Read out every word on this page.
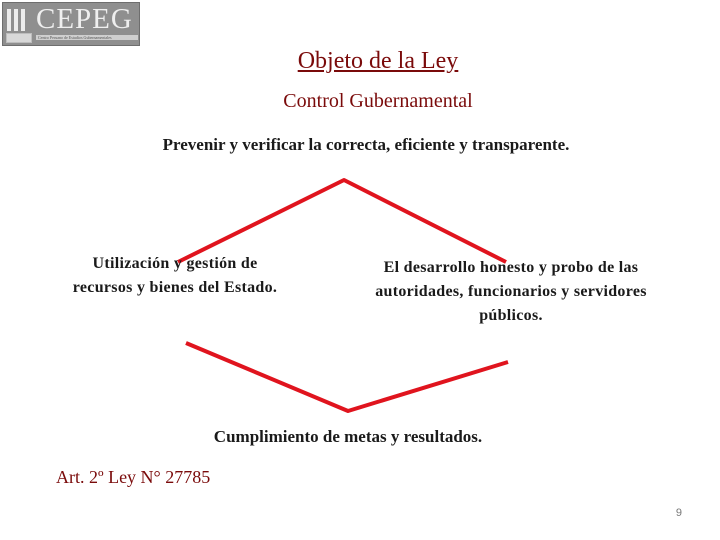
CEPEG
Centro Peruano de Estudios Gubernamentales
Objeto de la Ley
Control Gubernamental
Prevenir y verificar la correcta, eficiente y transparente.
Utilización y gestión de recursos y bienes del Estado.
El desarrollo honesto y probo de las autoridades, funcionarios y servidores públicos.
Cumplimiento de metas y resultados.
Art. 2º Ley N° 27785
9
